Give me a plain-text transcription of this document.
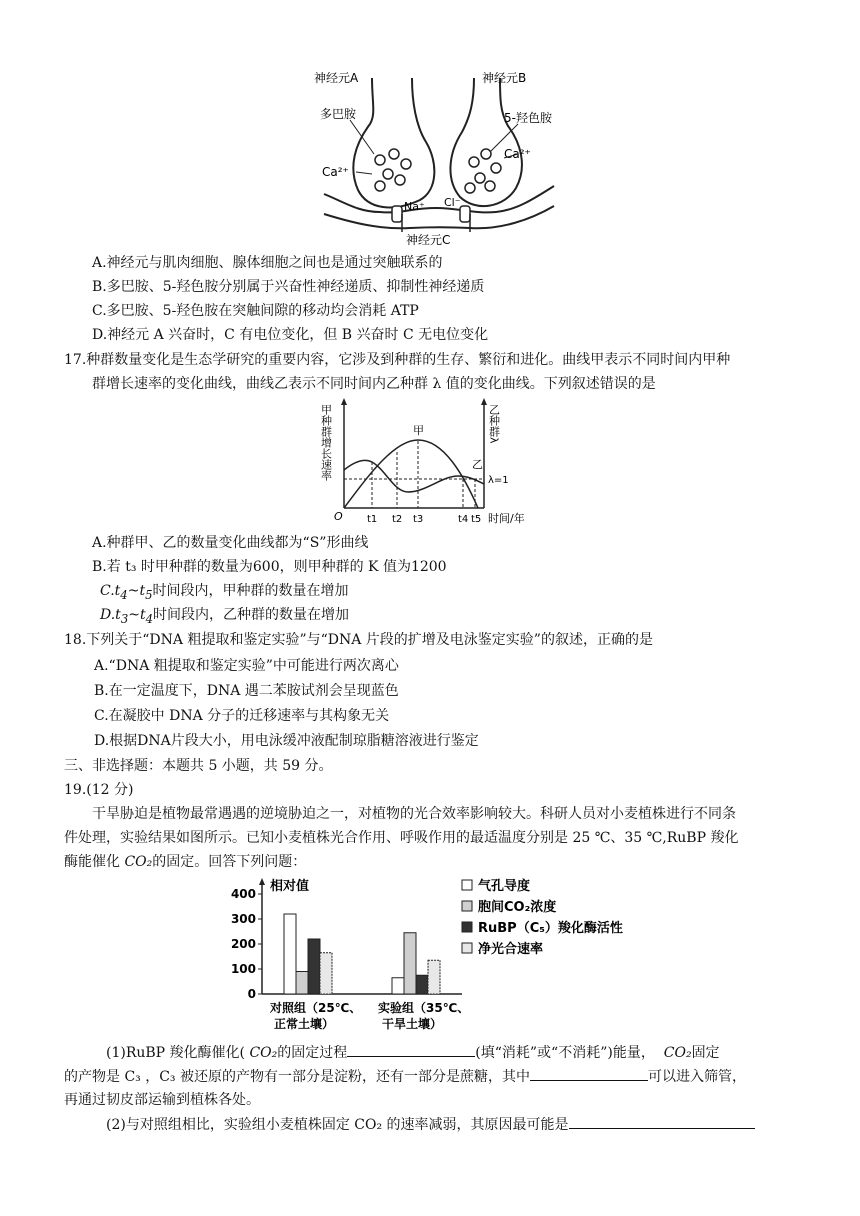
神经元A	神经元B
多巴胺	5-羟色胺
Ca²⁺
Ca²⁺
Na⁺ Cl⁻
神经元C
A.神经元与肌肉细胞、腺体细胞之间也是通过突触联系的
B.多巴胺、5-羟色胺分别属于兴奋性神经递质、抑制性神经递质
C.多巴胺、5-羟色胺在突触间隙的移动均会消耗 ATP
D.神经元 A 兴奋时，C 有电位变化，但 B 兴奋时 C 无电位变化
17.种群数量变化是生态学研究的重要内容，它涉及到种群的生存、繁衍和进化。曲线甲表示不同时间内甲种
群增长速率的变化曲线，曲线乙表示不同时间内乙种群 λ 值的变化曲线。下列叙述错误的是
甲种群增长速率	乙种群λ
甲
乙
λ=1
O t1 t2 t3	t4 t5 时间/年
A.种群甲、乙的数量变化曲线都为“S”形曲线
B.若 t₃ 时甲种群的数量为600，则甲种群的 K 值为1200
$C.t_4\sim t_5$时间段内，甲种群的数量在增加
$D.t_3\sim t_4$时间段内，乙种群的数量在增加
18.下列关于“DNA 粗提取和鉴定实验”与“DNA 片段的扩增及电泳鉴定实验”的叙述，正确的是
A.“DNA 粗提取和鉴定实验”中可能进行两次离心
B.在一定温度下，DNA 遇二苯胺试剂会呈现蓝色
C.在凝胶中 DNA 分子的迁移速率与其构象无关
D.根据DNA片段大小，用电泳缓冲液配制琼脂糖溶液进行鉴定
三、非选择题：本题共 5 小题，共 59 分。
19.(12 分)
干旱胁迫是植物最常遇遇的逆境胁迫之一，对植物的光合效率影响较大。科研人员对小麦植株进行不同条
件处理，实验结果如图所示。已知小麦植株光合作用、呼吸作用的最适温度分别是 25 ℃、35 ℃,RuBP 羧化
酶能催化 CO₂的固定。回答下列问题：
相对值
0
100
200
300
400	气孔导度
胞间CO₂浓度
RuBP（C₅）羧化酶活性
净光合速率
对照组（25℃、
正常土壤）
实验组（35℃、
干旱土壤）
(1)RuBP 羧化酶催化( CO₂的固定过程	(填“消耗”或“不消耗”)能量， CO₂固定
的产物是 C₃ ，C₃ 被还原的产物有一部分是淀粉，还有一部分是蔗糖，其中	可以进入筛管，
再通过韧皮部运输到植株各处。
(2)与对照组相比，实验组小麦植株固定 CO₂ 的速率减弱，其原因最可能是
